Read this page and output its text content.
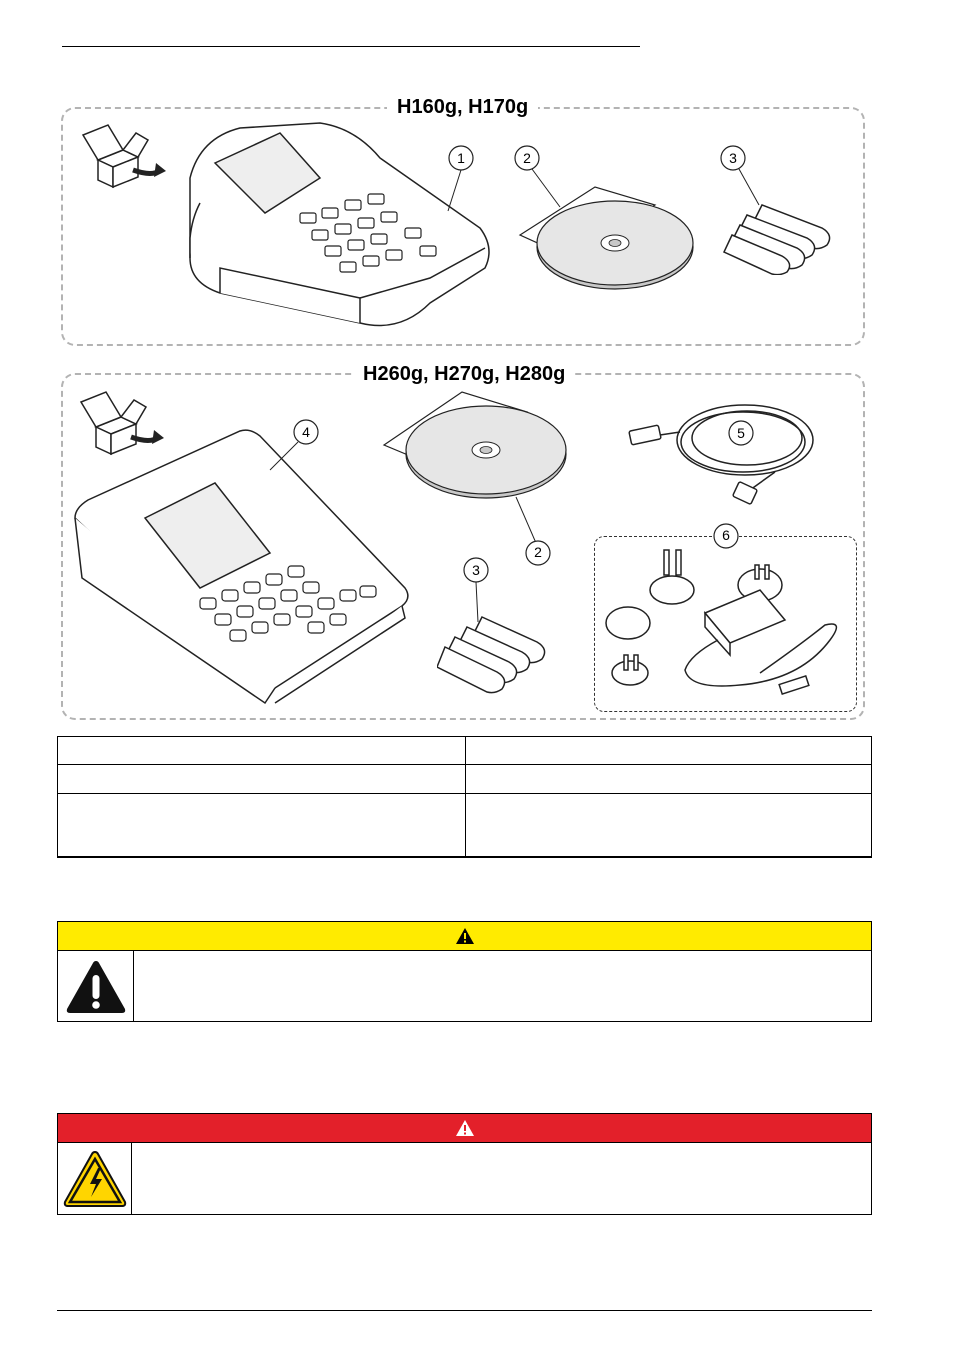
H160g, H170g
1	2	3
H260g, H270g, H280g
4
2
5
3
6
